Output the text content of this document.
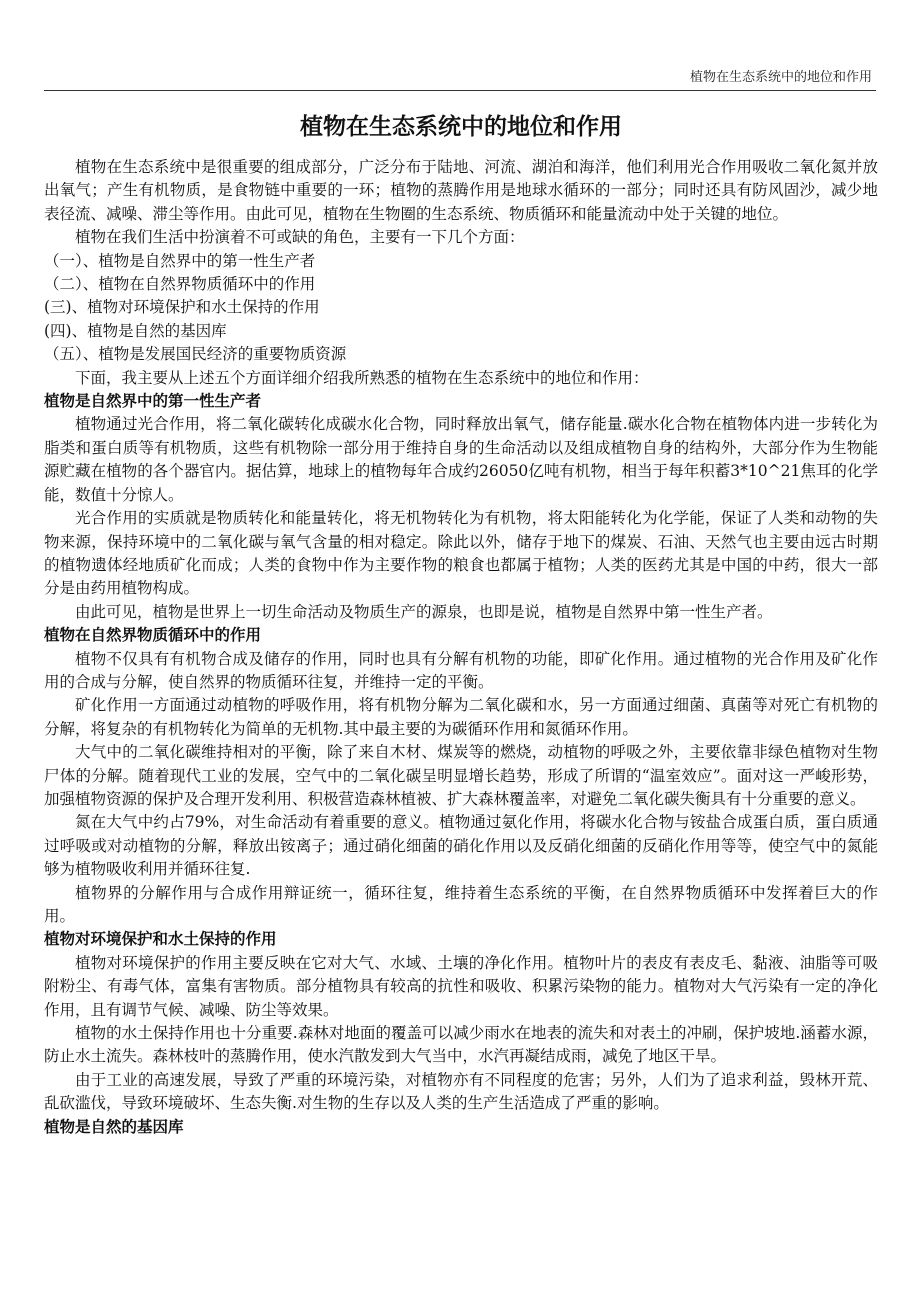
植物在生态系统中的地位和作用
植物在生态系统中的地位和作用

植物在生态系统中是很重要的组成部分，广泛分布于陆地、河流、湖泊和海洋，他们利用光合作用吸收二氧化氮并放出氧气；产生有机物质，是食物链中重要的一环；植物的蒸腾作用是地球水循环的一部分；同时还具有防风固沙，减少地表径流、减噪、滞尘等作用。由此可见，植物在生物圈的生态系统、物质循环和能量流动中处于关键的地位。

植物在我们生活中扮演着不可或缺的角色，主要有一下几个方面：

（一）、植物是自然界中的第一性生产者

（二）、植物在自然界物质循环中的作用

(三)、植物对环境保护和水土保持的作用

(四)、植物是自然的基因库

（五）、植物是发展国民经济的重要物质资源

下面，我主要从上述五个方面详细介绍我所熟悉的植物在生态系统中的地位和作用：

植物是自然界中的第一性生产者

植物通过光合作用，将二氧化碳转化成碳水化合物，同时释放出氧气，储存能量.碳水化合物在植物体内进一步转化为脂类和蛋白质等有机物质，这些有机物除一部分用于维持自身的生命活动以及组成植物自身的结构外，大部分作为生物能源贮藏在植物的各个器官内。据估算，地球上的植物每年合成约26050亿吨有机物，相当于每年积蓄3*10^21焦耳的化学能，数值十分惊人。

光合作用的实质就是物质转化和能量转化，将无机物转化为有机物，将太阳能转化为化学能，保证了人类和动物的失物来源，保持环境中的二氧化碳与氧气含量的相对稳定。除此以外，储存于地下的煤炭、石油、天然气也主要由远古时期的植物遗体经地质矿化而成；人类的食物中作为主要作物的粮食也都属于植物；人类的医药尤其是中国的中药，很大一部分是由药用植物构成。

由此可见，植物是世界上一切生命活动及物质生产的源泉，也即是说，植物是自然界中第一性生产者。

植物在自然界物质循环中的作用

植物不仅具有有机物合成及储存的作用，同时也具有分解有机物的功能，即矿化作用。通过植物的光合作用及矿化作用的合成与分解，使自然界的物质循环往复，并维持一定的平衡。

矿化作用一方面通过动植物的呼吸作用，将有机物分解为二氧化碳和水，另一方面通过细菌、真菌等对死亡有机物的分解，将复杂的有机物转化为简单的无机物.其中最主要的为碳循环作用和氮循环作用。

大气中的二氧化碳维持相对的平衡，除了来自木材、煤炭等的燃烧，动植物的呼吸之外，主要依靠非绿色植物对生物尸体的分解。随着现代工业的发展，空气中的二氧化碳呈明显增长趋势，形成了所谓的“温室效应”。面对这一严峻形势，加强植物资源的保护及合理开发利用、积极营造森林植被、扩大森林覆盖率，对避免二氧化碳失衡具有十分重要的意义。

氮在大气中约占79%，对生命活动有着重要的意义。植物通过氨化作用，将碳水化合物与铵盐合成蛋白质，蛋白质通过呼吸或对动植物的分解，释放出铵离子；通过硝化细菌的硝化作用以及反硝化细菌的反硝化作用等等，使空气中的氮能够为植物吸收利用并循环往复.

植物界的分解作用与合成作用辩证统一，循环往复，维持着生态系统的平衡，在自然界物质循环中发挥着巨大的作用。

植物对环境保护和水土保持的作用

植物对环境保护的作用主要反映在它对大气、水域、土壤的净化作用。植物叶片的表皮有表皮毛、黏液、油脂等可吸附粉尘、有毒气体，富集有害物质。部分植物具有较高的抗性和吸收、积累污染物的能力。植物对大气污染有一定的净化作用，且有调节气候、减噪、防尘等效果。

植物的水土保持作用也十分重要.森林对地面的覆盖可以减少雨水在地表的流失和对表土的冲刷，保护坡地.涵蓄水源，防止水土流失。森林枝叶的蒸腾作用，使水汽散发到大气当中，水汽再凝结成雨，减免了地区干旱。

由于工业的高速发展，导致了严重的环境污染，对植物亦有不同程度的危害；另外，人们为了追求利益，毁林开荒、乱砍滥伐，导致环境破坏、生态失衡.对生物的生存以及人类的生产生活造成了严重的影响。

植物是自然的基因库
